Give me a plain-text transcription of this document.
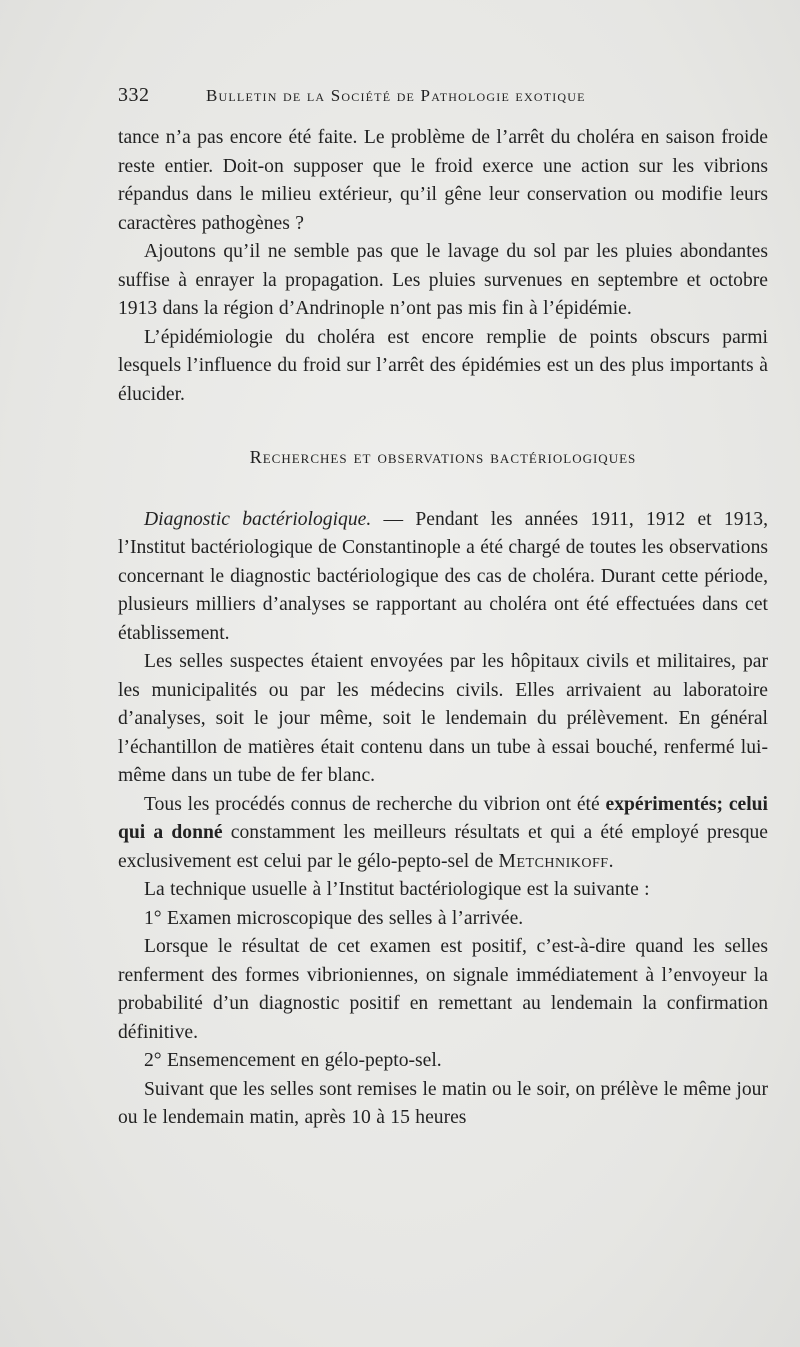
332	Bulletin de la Société de Pathologie exotique

tance n’a pas encore été faite. Le problème de l’arrêt du choléra en saison froide reste entier. Doit-on supposer que le froid exerce une action sur les vibrions répandus dans le milieu extérieur, qu’il gêne leur conservation ou modifie leurs caractères pathogènes ?

Ajoutons qu’il ne semble pas que le lavage du sol par les pluies abondantes suffise à enrayer la propagation. Les pluies survenues en septembre et octobre 1913 dans la région d’Andrinople n’ont pas mis fin à l’épidémie.

L’épidémiologie du choléra est encore remplie de points obscurs parmi lesquels l’influence du froid sur l’arrêt des épidémies est un des plus importants à élucider.

Recherches et observations bactériologiques

Diagnostic bactériologique. — Pendant les années 1911, 1912 et 1913, l’Institut bactériologique de Constantinople a été chargé de toutes les observations concernant le diagnostic bactériologique des cas de choléra. Durant cette période, plusieurs milliers d’analyses se rapportant au choléra ont été effectuées dans cet établissement.

Les selles suspectes étaient envoyées par les hôpitaux civils et militaires, par les municipalités ou par les médecins civils. Elles arrivaient au laboratoire d’analyses, soit le jour même, soit le lendemain du prélèvement. En général l’échantillon de matières était contenu dans un tube à essai bouché, renfermé lui-même dans un tube de fer blanc.

Tous les procédés connus de recherche du vibrion ont été expérimentés; celui qui a donné constamment les meilleurs résultats et qui a été employé presque exclusivement est celui par le gélo-pepto-sel de Metchnikoff.

La technique usuelle à l’Institut bactériologique est la suivante :

1° Examen microscopique des selles à l’arrivée.

Lorsque le résultat de cet examen est positif, c’est-à-dire quand les selles renferment des formes vibrioniennes, on signale immédiatement à l’envoyeur la probabilité d’un diagnostic positif en remettant au lendemain la confirmation définitive.

2° Ensemencement en gélo-pepto-sel.

Suivant que les selles sont remises le matin ou le soir, on prélève le même jour ou le lendemain matin, après 10 à 15 heures
